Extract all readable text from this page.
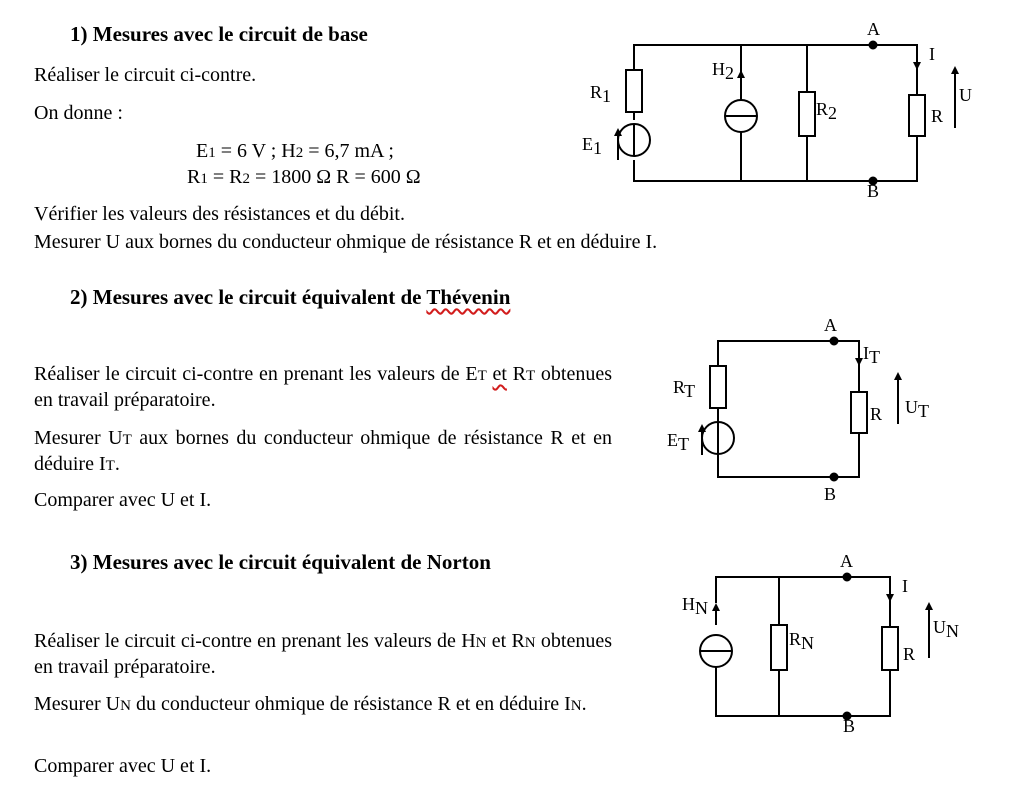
1) Mesures avec le circuit de base
Réaliser le circuit ci-contre.
On donne :
E1 = 6 V ; H2 = 6,7 mA ;
R1 = R2 = 1800 Ω R = 600 Ω
Vérifier les valeurs des résistances et du débit.
Mesurer U aux bornes du conducteur ohmique de résistance R et en déduire I.
2) Mesures avec le circuit équivalent de Thévenin
Réaliser le circuit ci-contre en prenant les valeurs de ET et RT obtenues en travail préparatoire.
Mesurer UT aux bornes du conducteur ohmique de résistance R et en déduire IT.
Comparer avec U et I.
3) Mesures avec le circuit équivalent de Norton
Réaliser le circuit ci-contre en prenant les valeurs de HN et RN obtenues en travail préparatoire.
Mesurer UN du conducteur ohmique de résistance R et en déduire IN.
Comparer avec U et I.
A
B
I
U
R
R1
R2
E1
H2
A
B
IT
UT
R
RT
ET
A
B
I
UN
R
RN
HN
